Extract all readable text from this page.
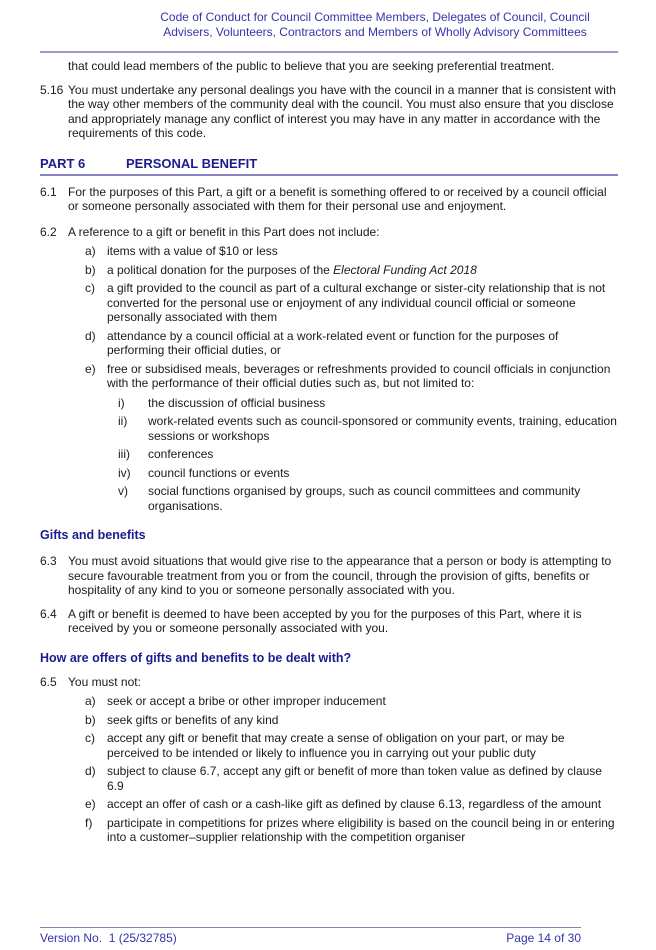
Code of Conduct for Council Committee Members, Delegates of Council, Council
Advisers, Volunteers, Contractors and Members of Wholly Advisory Committees
that could lead members of the public to believe that you are seeking preferential treatment.
5.16 You must undertake any personal dealings you have with the council in a manner that is consistent with the way other members of the community deal with the council. You must also ensure that you disclose and appropriately manage any conflict of interest you may have in any matter in accordance with the requirements of this code.
PART 6	PERSONAL BENEFIT
6.1 For the purposes of this Part, a gift or a benefit is something offered to or received by a council official or someone personally associated with them for their personal use and enjoyment.
6.2 A reference to a gift or benefit in this Part does not include:
a) items with a value of $10 or less
b) a political donation for the purposes of the Electoral Funding Act 2018
c)	a gift provided to the council as part of a cultural exchange or sister-city relationship that is not converted for the personal use or enjoyment of any individual council official or someone personally associated with them
d) attendance by a council official at a work-related event or function for the purposes of performing their official duties, or
e) free or subsidised meals, beverages or refreshments provided to council officials in conjunction with the performance of their official duties such as, but not limited to:
i)	the discussion of official business
ii)	work-related events such as council-sponsored or community events, training, education sessions or workshops
iii)	conferences
iv)	council functions or events
v)	social functions organised by groups, such as council committees and community organisations.
Gifts and benefits
6.3 You must avoid situations that would give rise to the appearance that a person or body is attempting to secure favourable treatment from you or from the council, through the provision of gifts, benefits or hospitality of any kind to you or someone personally associated with you.
6.4 A gift or benefit is deemed to have been accepted by you for the purposes of this Part, where it is received by you or someone personally associated with you.
How are offers of gifts and benefits to be dealt with?
6.5 You must not:
a) seek or accept a bribe or other improper inducement
b) seek gifts or benefits of any kind
c)	accept any gift or benefit that may create a sense of obligation on your part, or may be perceived to be intended or likely to influence you in carrying out your public duty
d) subject to clause 6.7, accept any gift or benefit of more than token value as defined by clause 6.9
e) accept an offer of cash or a cash-like gift as defined by clause 6.13, regardless of the amount
f)	participate in competitions for prizes where eligibility is based on the council being in or entering into a customer–supplier relationship with the competition organiser
Version No.  1 (25/32785)	Page 14 of 30
